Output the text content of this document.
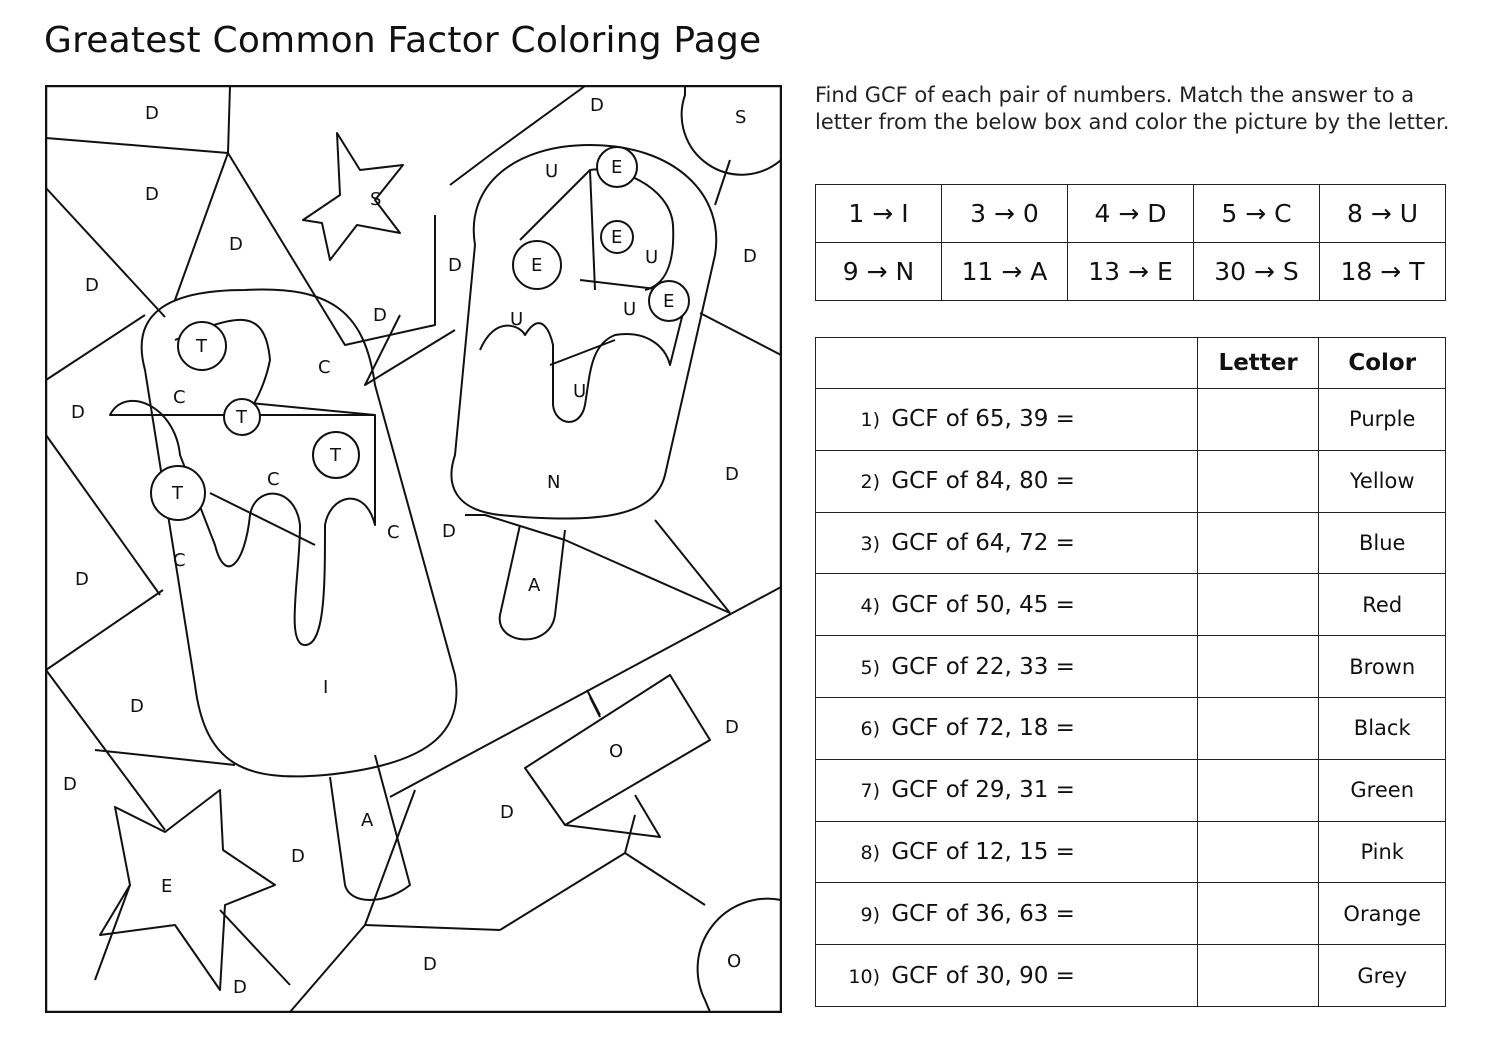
Greatest Common Factor Coloring Page
D	D
S
D	S
D
U	E
E
U	D
D
D	E
D	U	U E
T
C
C	U
T
D
T
C	N	D
T
C D
C
D	A
I
D
D
O
D
D
A
D
E
D	O
D
Find GCF of each pair of numbers. Match the answer to a letter from the below box and color the picture by the letter.
1 → I	3 → 0	4 → D	5 → C	8 → U
9 → N	11 → A	13 → E	30 → S	18 → T
	Letter	Color
1) GCF of 65, 39 =		Purple
2) GCF of 84, 80 =		Yellow
3) GCF of 64, 72 =		Blue
4) GCF of 50, 45 =		Red
5) GCF of 22, 33 =		Brown
6) GCF of 72, 18 =		Black
7) GCF of 29, 31 =		Green
8) GCF of 12, 15 =		Pink
9) GCF of 36, 63 =		Orange
10) GCF of 30, 90 =		Grey
